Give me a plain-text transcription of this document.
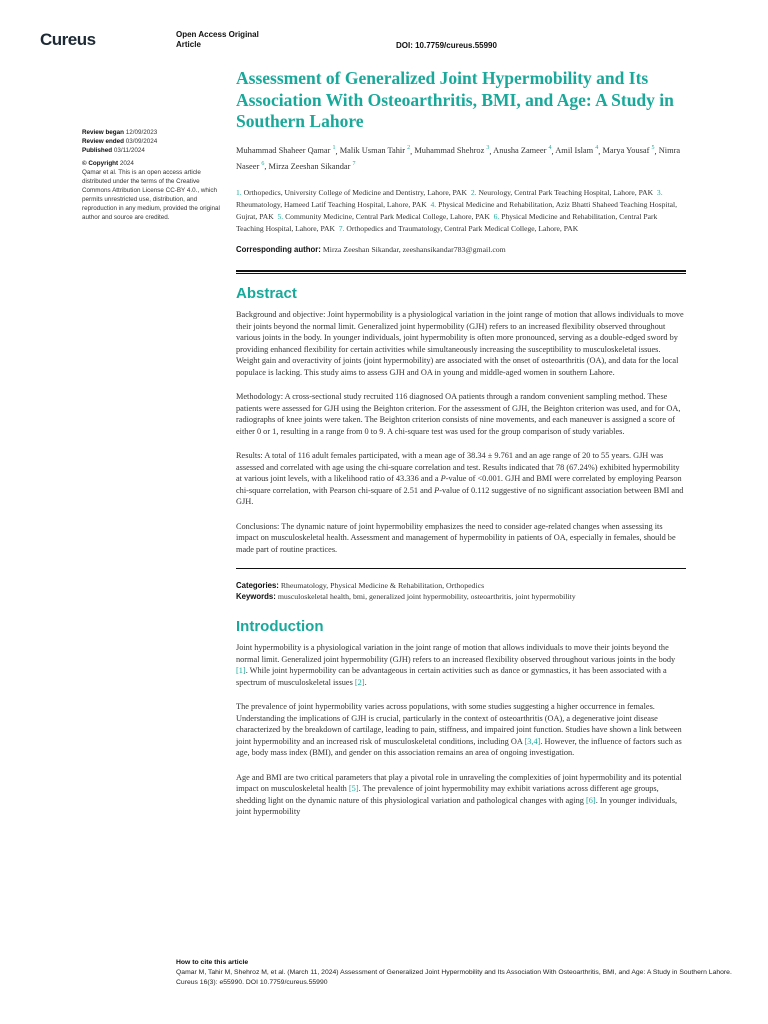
Cureus	Open Access Original Article	DOI: 10.7759/cureus.55990

Review began 12/09/2023

Review ended 03/09/2024

Published 03/11/2024

© Copyright 2024

Qamar et al. This is an open access article distributed under the terms of the Creative Commons Attribution License CC-BY 4.0., which permits unrestricted use, distribution, and reproduction in any medium, provided the original author and source are credited.

Assessment of Generalized Joint Hypermobility and Its Association With Osteoarthritis, BMI, and Age: A Study in Southern Lahore
Muhammad Shaheer Qamar $^1$, Malik Usman Tahir $^2$, Muhammad Shehroz $^3$, Anusha Zameer $^4$, Amil Islam $^4$, Marya Yousaf $^5$, Nimra Naseer $^6$, Mirza Zeeshan Sikandar $^7$
1. Orthopedics, University College of Medicine and Dentistry, Lahore, PAK 2. Neurology, Central Park Teaching Hospital, Lahore, PAK 3. Rheumatology, Hameed Latif Teaching Hospital, Lahore, PAK 4. Physical Medicine and Rehabilitation, Aziz Bhatti Shaheed Teaching Hospital, Gujrat, PAK 5. Community Medicine, Central Park Medical College, Lahore, PAK 6. Physical Medicine and Rehabilitation, Central Park Teaching Hospital, Lahore, PAK 7. Orthopedics and Traumatology, Central Park Medical College, Lahore, PAK
Corresponding author: Mirza Zeeshan Sikandar, zeeshansikandar783@gmail.com
Abstract

Background and objective: Joint hypermobility is a physiological variation in the joint range of motion that allows individuals to move their joints beyond the normal limit. Generalized joint hypermobility (GJH) refers to an increased flexibility observed throughout various joints in the body. In younger individuals, joint hypermobility is often more pronounced, serving as a double-edged sword by providing enhanced flexibility for certain activities while simultaneously increasing the susceptibility to musculoskeletal issues. Weight gain and overactivity of joints (joint hypermobility) are associated with the onset of osteoarthritis (OA), and data for the local populace is lacking. This study aims to assess GJH and OA in young and middle-aged women in southern Lahore.

Methodology: A cross-sectional study recruited 116 diagnosed OA patients through a random convenient sampling method. These patients were assessed for GJH using the Beighton criterion. For the assessment of GJH, the Beighton criterion was used, and for OA, radiographs of knee joints were taken. The Beighton criterion consists of nine movements, and each maneuver is assigned a score of either 0 or 1, resulting in a range from 0 to 9. A chi-square test was used for the group comparison of study variables.

Results: A total of 116 adult females participated, with a mean age of 38.34 ± 9.761 and an age range of 20 to 55 years. GJH was assessed and correlated with age using the chi-square correlation and test. Results indicated that 78 (67.24%) exhibited hypermobility at various joint levels, with a likelihood ratio of 43.336 and a P-value of <0.001. GJH and BMI were correlated by employing Pearson chi-square correlation, with Pearson chi-square of 2.51 and P-value of 0.112 suggestive of no significant association between BMI and GJH.

Conclusions: The dynamic nature of joint hypermobility emphasizes the need to consider age-related changes when assessing its impact on musculoskeletal health. Assessment and management of hypermobility in patients of OA, especially in females, should be made part of routine practices.

Categories: Rheumatology, Physical Medicine & Rehabilitation, Orthopedics
Keywords: musculoskeletal health, bmi, generalized joint hypermobility, osteoarthritis, joint hypermobility
Introduction

Joint hypermobility is a physiological variation in the joint range of motion that allows individuals to move their joints beyond the normal limit. Generalized joint hypermobility (GJH) refers to an increased flexibility observed throughout various joints in the body [1]. While joint hypermobility can be advantageous in certain activities such as dance or gymnastics, it has been associated with a spectrum of musculoskeletal issues [2].

The prevalence of joint hypermobility varies across populations, with some studies suggesting a higher occurrence in females. Understanding the implications of GJH is crucial, particularly in the context of osteoarthritis (OA), a degenerative joint disease characterized by the breakdown of cartilage, leading to pain, stiffness, and impaired joint function. Studies have shown a link between joint hypermobility and an increased risk of musculoskeletal conditions, including OA [3,4]. However, the influence of factors such as age, body mass index (BMI), and gender on this association remains an area of ongoing investigation.

Age and BMI are two critical parameters that play a pivotal role in unraveling the complexities of joint hypermobility and its potential impact on musculoskeletal health [5]. The prevalence of joint hypermobility may exhibit variations across different age groups, shedding light on the dynamic nature of this physiological variation and pathological changes with aging [6]. In younger individuals, joint hypermobility

How to cite this article
Qamar M, Tahir M, Shehroz M, et al. (March 11, 2024) Assessment of Generalized Joint Hypermobility and Its Association With Osteoarthritis, BMI, and Age: A Study in Southern Lahore. Cureus 16(3): e55990. DOI 10.7759/cureus.55990
